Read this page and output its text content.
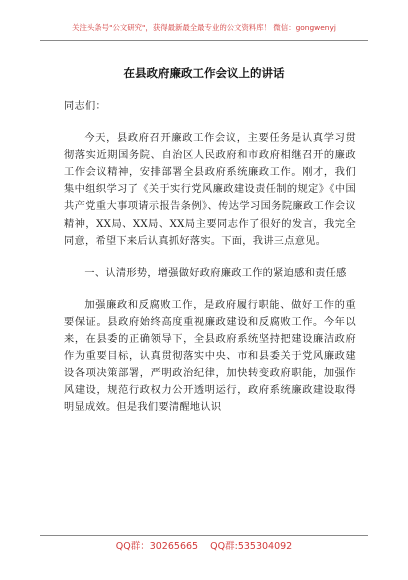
关注头条号"公文研究"，获得最新最全最专业的公文资料库！ 微信：gongwenyj
在县政府廉政工作会议上的讲话

同志们：

今天，县政府召开廉政工作会议，主要任务是认真学习贯彻落实近期国务院、自治区人民政府和市政府相继召开的廉政工作会议精神，安排部署全县政府系统廉政工作。刚才，我们集中组织学习了《关于实行党风廉政建设责任制的规定》《中国共产党重大事项请示报告条例》、传达学习国务院廉政工作会议精神，XX局、XX局、XX局主要同志作了很好的发言，我完全同意，希望下来后认真抓好落实。下面，我讲三点意见。

一、认清形势，增强做好政府廉政工作的紧迫感和责任感

加强廉政和反腐败工作，是政府履行职能、做好工作的重要保证。县政府始终高度重视廉政建设和反腐败工作。今年以来，在县委的正确领导下，全县政府系统坚持把建设廉洁政府作为重要目标，认真贯彻落实中央、市和县委关于党风廉政建设各项决策部署，严明政治纪律，加快转变政府职能，加强作风建设，规范行政权力公开透明运行，政府系统廉政建设取得明显成效。但是我们要清醒地认识

QQ群：30265665 QQ群:535304092
